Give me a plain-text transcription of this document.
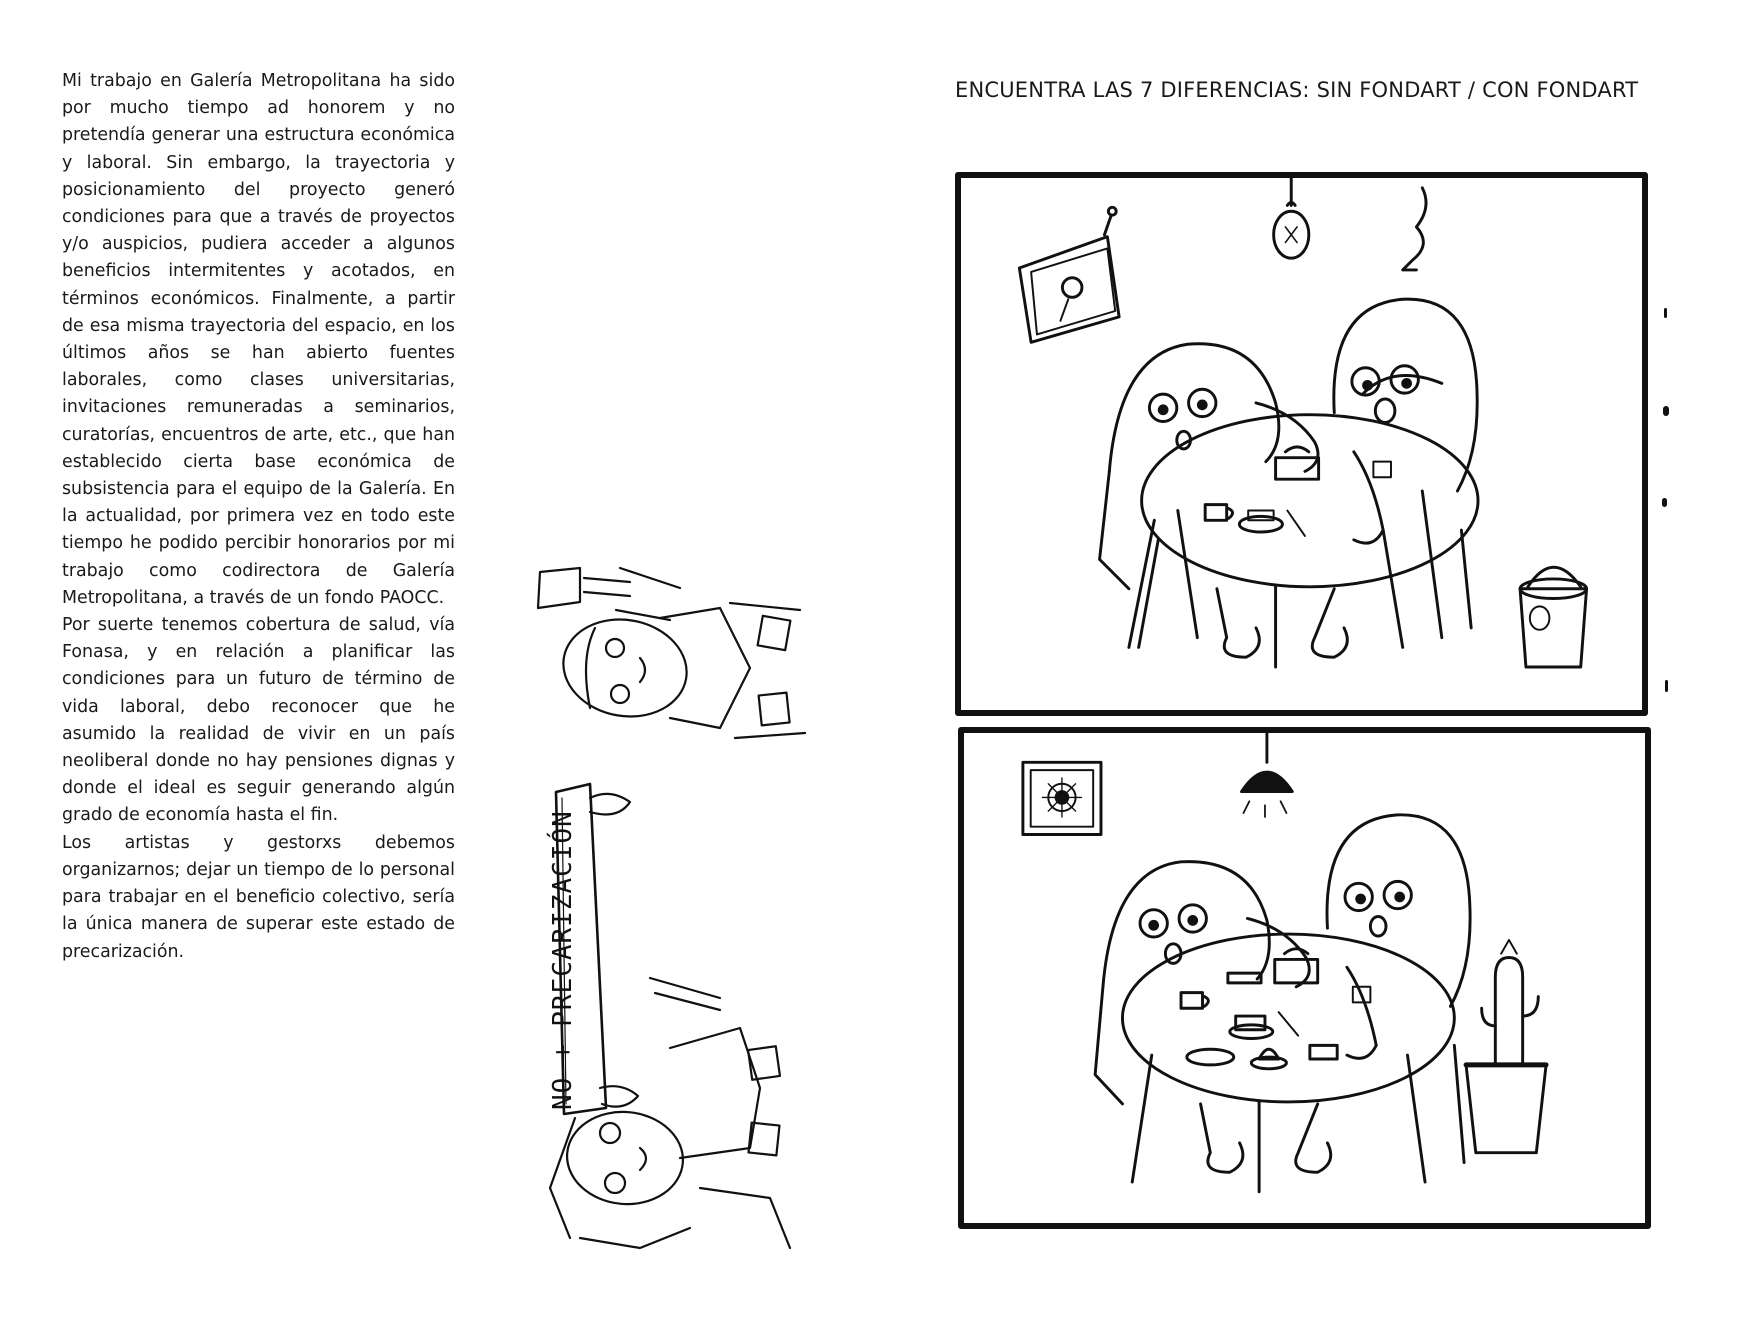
Mi trabajo en Galería Metropolitana ha sido por mucho tiempo ad honorem y no pretendía generar una estructura económica y laboral. Sin embargo, la trayectoria y posicionamiento del proyecto generó condiciones para que a través de proyectos y/o auspicios, pudiera acceder a algunos beneficios intermitentes y acotados, en términos económicos. Finalmente, a partir de esa misma trayectoria del espacio, en los últimos años se han abierto fuentes laborales, como clases universitarias, invitaciones remuneradas a seminarios, curatorías, encuentros de arte, etc., que han establecido cierta base económica de subsistencia para el equipo de la Galería. En la actualidad, por primera vez en todo este tiempo he podido percibir honorarios por mi trabajo como codirectora de Galería Metropolitana, a través de un fondo PAOCC.

Por suerte tenemos cobertura de salud, vía Fonasa, y en relación a planificar las condiciones para un futuro de término de vida laboral, debo reconocer que he asumido la realidad de vivir en un país neoliberal donde no hay pensiones dignas y donde el ideal es seguir generando algún grado de economía hasta el fin.

Los artistas y gestorxs debemos organizarnos; dejar un tiempo de lo personal para trabajar en el beneficio colectivo, sería la única manera de superar este estado de precarización.	NO + PRECARIZACIÓN
ENCUENTRA LAS 7 DIFERENCIAS: SIN FONDART / CON FONDART
